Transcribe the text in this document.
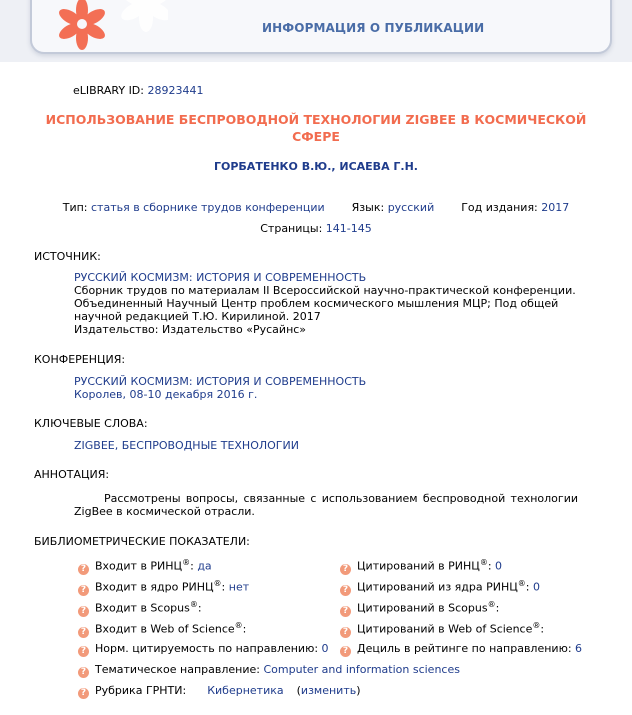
ИНФОРМАЦИЯ О ПУБЛИКАЦИИ
eLIBRARY ID: 28923441
ИСПОЛЬЗОВАНИЕ БЕСПРОВОДНОЙ ТЕХНОЛОГИИ ZIGBEE В КОСМИЧЕСКОЙ СФЕРЕ
ГОРБАТЕНКО В.Ю., ИСАЕВА Г.Н.
Тип: статья в сборнике трудов конференции Язык: русский Год издания: 2017
Страницы: 141-145
ИСТОЧНИК:
РУССКИЙ КОСМИЗМ: ИСТОРИЯ И СОВРЕМЕННОСТЬ
Сборник трудов по материалам II Всероссийской научно-практической конференции. Объединенный Научный Центр проблем космического мышления МЦР; Под общей научной редакцией Т.Ю. Кирилиной. 2017
Издательство: Издательство «Русайнс»
КОНФЕРЕНЦИЯ:
РУССКИЙ КОСМИЗМ: ИСТОРИЯ И СОВРЕМЕННОСТЬ
Королев, 08-10 декабря 2016 г.
КЛЮЧЕВЫЕ СЛОВА:
ZIGBEE, БЕСПРОВОДНЫЕ ТЕХНОЛОГИИ
АННОТАЦИЯ:
Рассмотрены вопросы, связанные с использованием беспроводной технологии ZigBee в космической отрасли.
БИБЛИОМЕТРИЧЕСКИЕ ПОКАЗАТЕЛИ:
? Входит в РИНЦ®: да
? Входит в ядро РИНЦ®: нет
? Входит в Scopus®:
? Входит в Web of Science®:
? Норм. цитируемость по направлению: 0
? Тематическое направление: Computer and information sciences
? Рубрика ГРНТИ: Кибернетика (изменить)
? Цитирований в РИНЦ®: 0
? Цитирований из ядра РИНЦ®: 0
? Цитирований в Scopus®:
? Цитирований в Web of Science®:
? Дециль в рейтинге по направлению: 6
